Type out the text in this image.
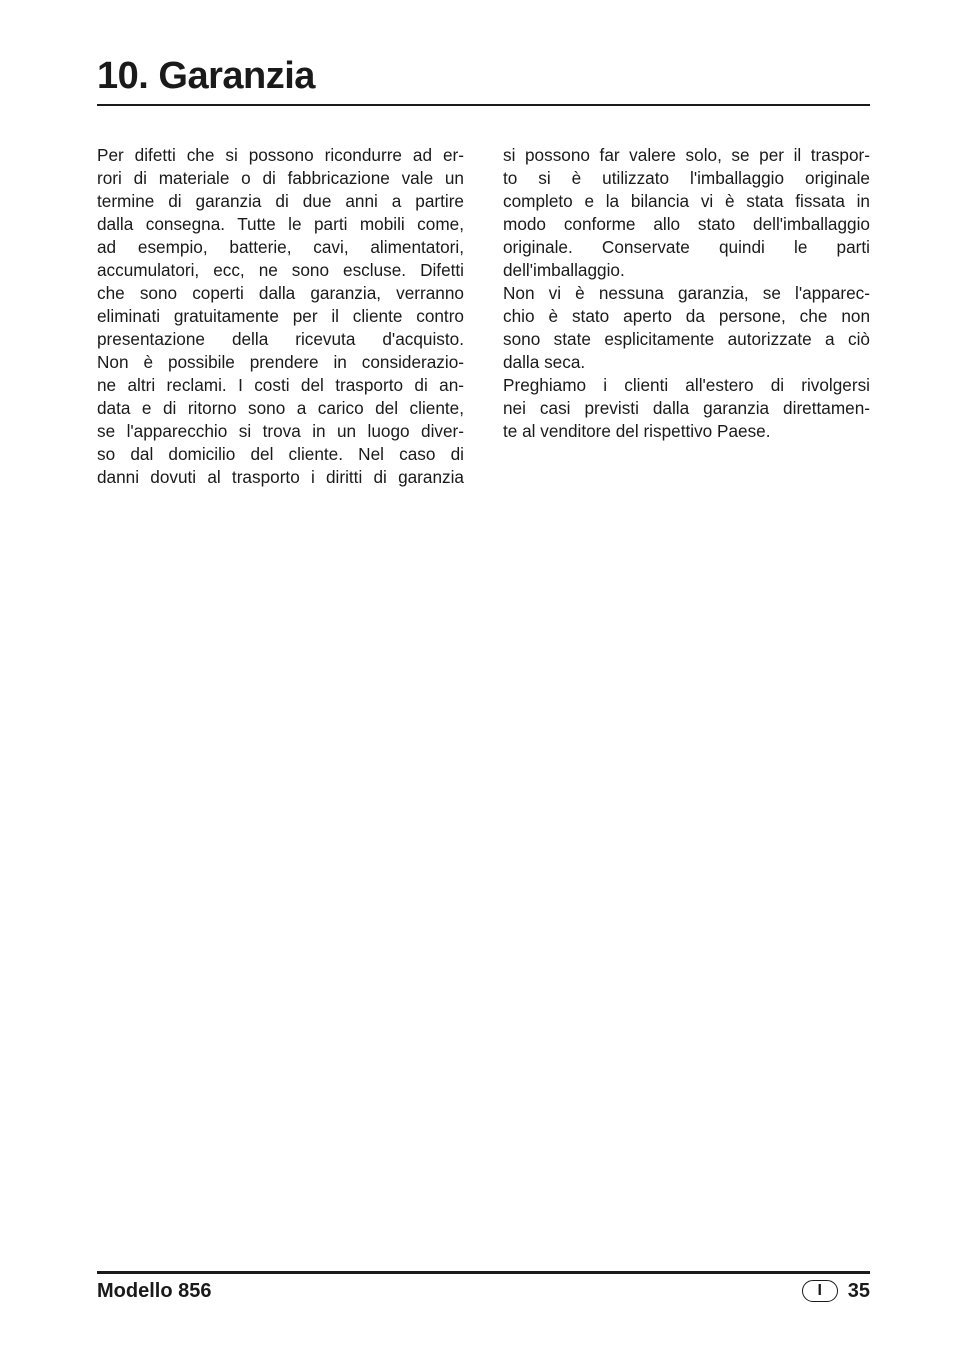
10. Garanzia
Per difetti che si possono ricondurre ad er-
rori di materiale o di fabbricazione vale un
termine di garanzia di due anni a partire
dalla consegna. Tutte le parti mobili come,
ad esempio, batterie, cavi, alimentatori,
accumulatori, ecc, ne sono escluse. Difetti
che sono coperti dalla garanzia, verranno
eliminati gratuitamente per il cliente contro
presentazione della ricevuta d'acquisto.
Non è possibile prendere in considerazio-
ne altri reclami. I costi del trasporto di an-
data e di ritorno sono a carico del cliente,
se l'apparecchio si trova in un luogo diver-
so dal domicilio del cliente. Nel caso di
danni dovuti al trasporto i diritti di garanzia
si possono far valere solo, se per il traspor-
to si è utilizzato l'imballaggio originale
completo e la bilancia vi è stata fissata in
modo conforme allo stato dell'imballaggio
originale. Conservate quindi le parti
dell'imballaggio.
Non vi è nessuna garanzia, se l'apparec-
chio è stato aperto da persone, che non
sono state esplicitamente autorizzate a ciò
dalla seca.
Preghiamo i clienti all'estero di rivolgersi
nei casi previsti dalla garanzia direttamen-
te al venditore del rispettivo Paese.
Modello 856	I	35
